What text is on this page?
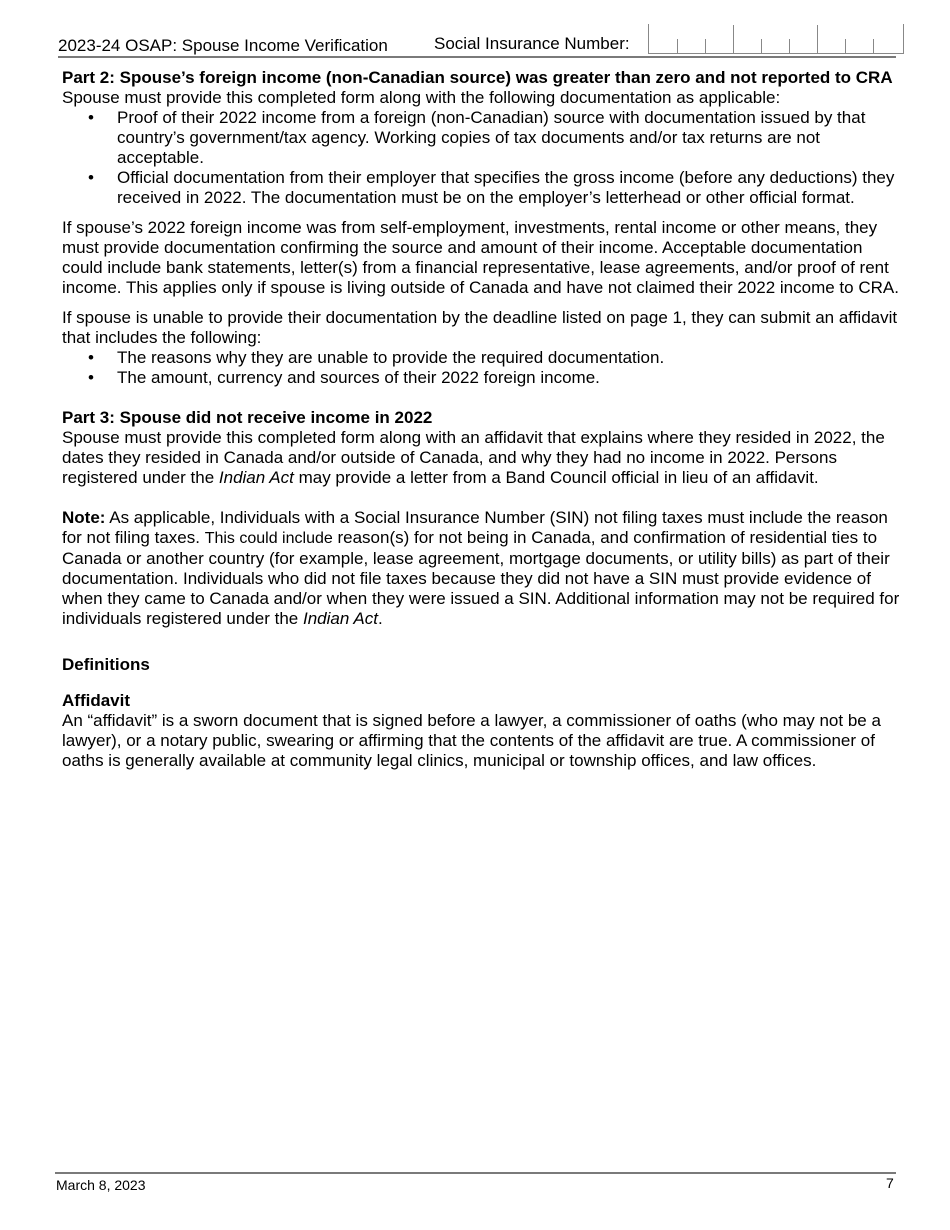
2023-24 OSAP: Spouse Income Verification	Social Insurance Number:

Part 2: Spouse’s foreign income (non-Canadian source) was greater than zero and not reported to CRA

Spouse must provide this completed form along with the following documentation as applicable:

• Proof of their 2022 income from a foreign (non-Canadian) source with documentation issued by that country’s government/tax agency. Working copies of tax documents and/or tax returns are not acceptable.
• Official documentation from their employer that specifies the gross income (before any deductions) they received in 2022. The documentation must be on the employer’s letterhead or other official format.

If spouse’s 2022 foreign income was from self-employment, investments, rental income or other means, they must provide documentation confirming the source and amount of their income. Acceptable documentation could include bank statements, letter(s) from a financial representative, lease agreements, and/or proof of rent income. This applies only if spouse is living outside of Canada and have not claimed their 2022 income to CRA.

If spouse is unable to provide their documentation by the deadline listed on page 1, they can submit an affidavit that includes the following:

• The reasons why they are unable to provide the required documentation.
• The amount, currency and sources of their 2022 foreign income.

Part 3: Spouse did not receive income in 2022

Spouse must provide this completed form along with an affidavit that explains where they resided in 2022, the dates they resided in Canada and/or outside of Canada, and why they had no income in 2022. Persons registered under the Indian Act may provide a letter from a Band Council official in lieu of an affidavit.

Note: As applicable, Individuals with a Social Insurance Number (SIN) not filing taxes must include the reason for not filing taxes. This could include reason(s) for not being in Canada, and confirmation of residential ties to Canada or another country (for example, lease agreement, mortgage documents, or utility bills) as part of their documentation. Individuals who did not file taxes because they did not have a SIN must provide evidence of when they came to Canada and/or when they were issued a SIN. Additional information may not be required for individuals registered under the Indian Act.

Definitions

Affidavit

An “affidavit” is a sworn document that is signed before a lawyer, a commissioner of oaths (who may not be a lawyer), or a notary public, swearing or affirming that the contents of the affidavit are true. A commissioner of oaths is generally available at community legal clinics, municipal or township offices, and law offices.

March 8, 2023	7
